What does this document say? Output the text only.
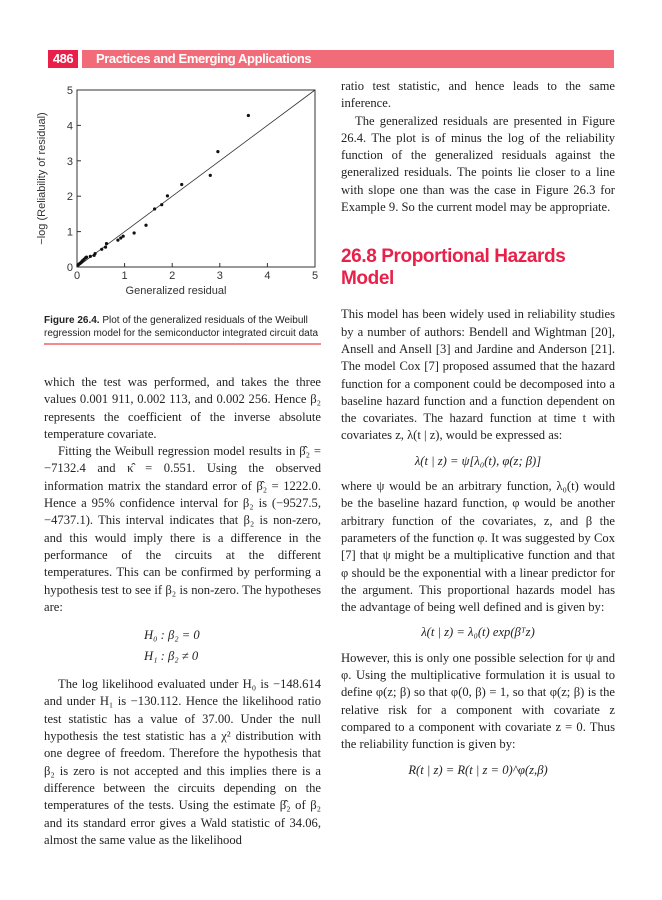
486	Practices and Emerging Applications
0	1	2	3	4	5
0
1
2
3
4
5
Generalized residual
−log (Reliability of residual)
Figure 26.4. Plot of the generalized residuals of the Weibull regression model for the semiconductor integrated circuit data

which the test was performed, and takes the three values 0.001 911, 0.002 113, and 0.002 256. Hence β₂ represents the coefficient of the inverse absolute temperature covariate.

Fitting the Weibull regression model results in β̂₂ = −7132.4 and κ̂ = 0.551. Using the observed information matrix the standard error of β̂₂ = 1222.0. Hence a 95% confidence interval for β₂ is (−9527.5, −4737.1). This interval indicates that β₂ is non-zero, and this would imply there is a difference in the performance of the circuits at the different temperatures. This can be confirmed by performing a hypothesis test to see if β₂ is non-zero. The hypotheses are:

H₀ : β₂ = 0

H₁ : β₂ ≠ 0

The log likelihood evaluated under H₀ is −148.614 and under H₁ is −130.112. Hence the likelihood ratio test statistic has a value of 37.00. Under the null hypothesis the test statistic has a χ² distribution with one degree of freedom. Therefore the hypothesis that β₂ is zero is not accepted and this implies there is a difference between the circuits depending on the temperatures of the tests. Using the estimate β̂₂ of β₂ and its standard error gives a Wald statistic of 34.06, almost the same value as the likelihood

ratio test statistic, and hence leads to the same inference.

The generalized residuals are presented in Figure 26.4. The plot is of minus the log of the reliability function of the generalized residuals against the generalized residuals. The points lie closer to a line with slope one than was the case in Figure 26.3 for Example 9. So the current model may be appropriate.

26.8 Proportional Hazards Model

This model has been widely used in reliability studies by a number of authors: Bendell and Wightman [20], Ansell and Ansell [3] and Jardine and Anderson [21]. The model Cox [7] proposed assumed that the hazard function for a component could be decomposed into a baseline hazard function and a function dependent on the covariates. The hazard function at time t with covariates z, λ(t | z), would be expressed as:

λ(t | z) = ψ[λ₀(t), φ(z; β)]

where ψ would be an arbitrary function, λ₀(t) would be the baseline hazard function, φ would be another arbitrary function of the covariates, z, and β the parameters of the function φ. It was suggested by Cox [7] that ψ might be a multiplicative function and that φ should be the exponential with a linear predictor for the argument. This proportional hazards model has the advantage of being well defined and is given by:

λ(t | z) = λ₀(t) exp(βᵀz)

However, this is only one possible selection for ψ and φ. Using the multiplicative formulation it is usual to define φ(z; β) so that φ(0, β) = 1, so that φ(z; β) is the relative risk for a component with covariate z compared to a component with covariate z = 0. Thus the reliability function is given by:

R(t | z) = R(t | z = 0)^φ(z,β)
